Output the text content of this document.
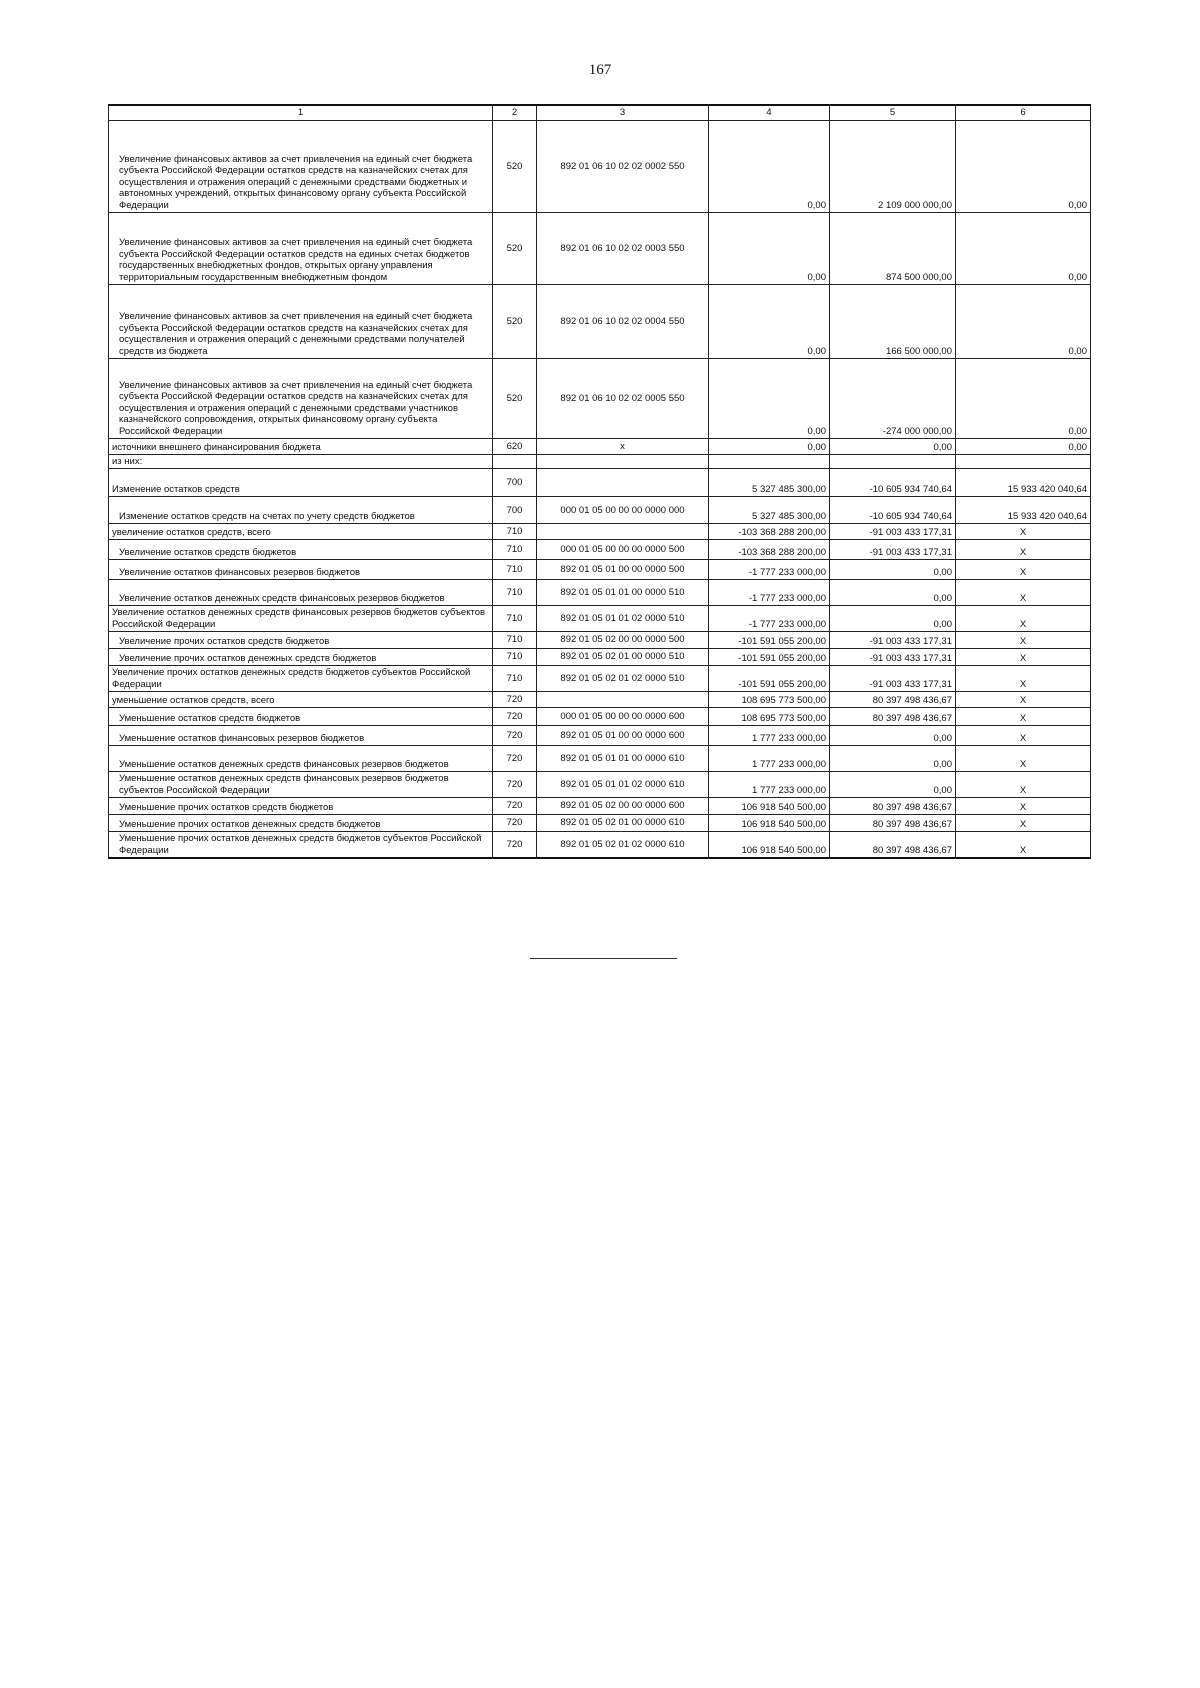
167
1	2	3	4	5	6
Увеличение финансовых активов за счет привлечения на единый счет бюджета субъекта Российской Федерации остатков средств на казначейских счетах для осуществления и отражения операций с денежными средствами бюджетных и автономных учреждений, открытых финансовому органу субъекта Российской Федерации	520	892 01 06 10 02 02 0002 550	0,00	2 109 000 000,00	0,00
Увеличение финансовых активов за счет привлечения на единый счет бюджета субъекта Российской Федерации остатков средств на единых счетах бюджетов государственных внебюджетных фондов, открытых органу управления территориальным государственным внебюджетным фондом	520	892 01 06 10 02 02 0003 550	0,00	874 500 000,00	0,00
Увеличение финансовых активов за счет привлечения на единый счет бюджета субъекта Российской Федерации остатков средств на казначейских счетах для осуществления и отражения операций с денежными средствами получателей средств из бюджета	520	892 01 06 10 02 02 0004 550	0,00	166 500 000,00	0,00
Увеличение финансовых активов за счет привлечения на единый счет бюджета субъекта Российской Федерации остатков средств на казначейских счетах для осуществления и отражения операций с денежными средствами участников казначейского сопровождения, открытых финансовому органу субъекта Российской Федерации	520	892 01 06 10 02 02 0005 550	0,00	-274 000 000,00	0,00
источники внешнего финансирования бюджета	620	x	0,00	0,00	0,00
из них:					
Изменение остатков средств	700		5 327 485 300,00	-10 605 934 740,64	15 933 420 040,64
Изменение остатков средств на счетах по учету средств бюджетов	700	000 01 05 00 00 00 0000 000	5 327 485 300,00	-10 605 934 740,64	15 933 420 040,64
увеличение остатков средств, всего	710		-103 368 288 200,00	-91 003 433 177,31	X
Увеличение остатков средств бюджетов	710	000 01 05 00 00 00 0000 500	-103 368 288 200,00	-91 003 433 177,31	X
Увеличение остатков финансовых резервов бюджетов	710	892 01 05 01 00 00 0000 500	-1 777 233 000,00	0,00	X
Увеличение остатков денежных средств финансовых резервов бюджетов	710	892 01 05 01 01 00 0000 510	-1 777 233 000,00	0,00	X
Увеличение остатков денежных средств финансовых резервов бюджетов субъектов Российской Федерации	710	892 01 05 01 01 02 0000 510	-1 777 233 000,00	0,00	X
Увеличение прочих остатков средств бюджетов	710	892 01 05 02 00 00 0000 500	-101 591 055 200,00	-91 003 433 177,31	X
Увеличение прочих остатков денежных средств бюджетов	710	892 01 05 02 01 00 0000 510	-101 591 055 200,00	-91 003 433 177,31	X
Увеличение прочих остатков денежных средств бюджетов субъектов Российской Федерации	710	892 01 05 02 01 02 0000 510	-101 591 055 200,00	-91 003 433 177,31	X
уменьшение остатков средств, всего	720		108 695 773 500,00	80 397 498 436,67	X
Уменьшение остатков средств бюджетов	720	000 01 05 00 00 00 0000 600	108 695 773 500,00	80 397 498 436,67	X
Уменьшение остатков финансовых резервов бюджетов	720	892 01 05 01 00 00 0000 600	1 777 233 000,00	0,00	X
Уменьшение остатков денежных средств финансовых резервов бюджетов	720	892 01 05 01 01 00 0000 610	1 777 233 000,00	0,00	X
Уменьшение остатков денежных средств финансовых резервов бюджетов субъектов Российской Федерации	720	892 01 05 01 01 02 0000 610	1 777 233 000,00	0,00	X
Уменьшение прочих остатков средств бюджетов	720	892 01 05 02 00 00 0000 600	106 918 540 500,00	80 397 498 436,67	X
Уменьшение прочих остатков денежных средств бюджетов	720	892 01 05 02 01 00 0000 610	106 918 540 500,00	80 397 498 436,67	X
Уменьшение прочих остатков денежных средств бюджетов субъектов Российской Федерации	720	892 01 05 02 01 02 0000 610	106 918 540 500,00	80 397 498 436,67	X
